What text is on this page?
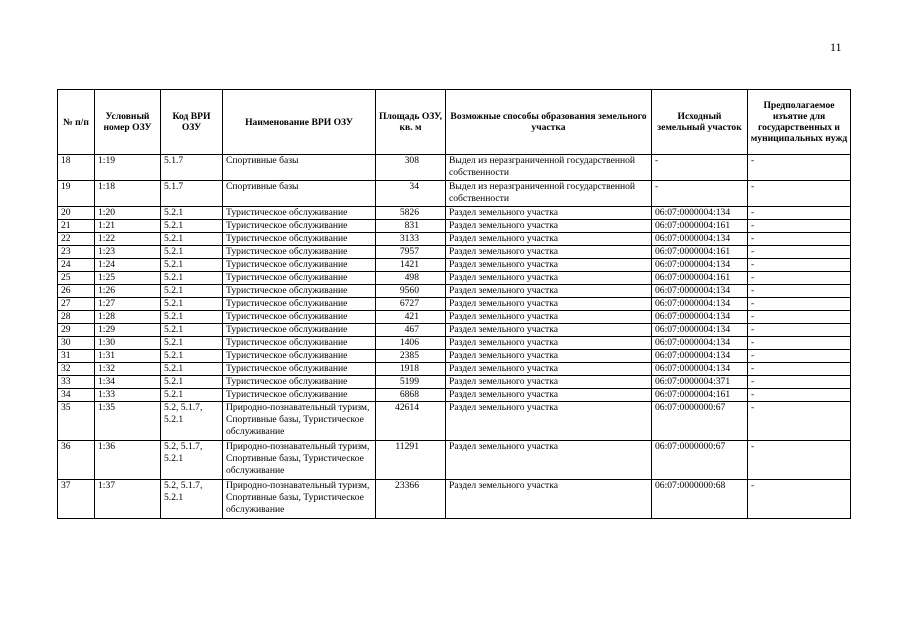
11
№ п/п	Условный номер ОЗУ	Код ВРИ ОЗУ	Наименование ВРИ ОЗУ	Площадь ОЗУ, кв. м	Возможные способы образования земельного участка	Исходный земельный участок	Предполагаемое изъятие для государственных и муниципальных нужд
18	1:19	5.1.7	Спортивные базы	308	Выдел из неразграниченной государственной собственности	-	-
19	1:18	5.1.7	Спортивные базы	34	Выдел из неразграниченной государственной собственности	-	-
20	1:20	5.2.1	Туристическое обслуживание	5826	Раздел земельного участка	06:07:0000004:134	-
21	1:21	5.2.1	Туристическое обслуживание	831	Раздел земельного участка	06:07:0000004:161	-
22	1:22	5.2.1	Туристическое обслуживание	3133	Раздел земельного участка	06:07:0000004:134	-
23	1:23	5.2.1	Туристическое обслуживание	7957	Раздел земельного участка	06:07:0000004:161	-
24	1:24	5.2.1	Туристическое обслуживание	1421	Раздел земельного участка	06:07:0000004:134	-
25	1:25	5.2.1	Туристическое обслуживание	498	Раздел земельного участка	06:07:0000004:161	-
26	1:26	5.2.1	Туристическое обслуживание	9560	Раздел земельного участка	06:07:0000004:134	-
27	1:27	5.2.1	Туристическое обслуживание	6727	Раздел земельного участка	06:07:0000004:134	-
28	1:28	5.2.1	Туристическое обслуживание	421	Раздел земельного участка	06:07:0000004:134	-
29	1:29	5.2.1	Туристическое обслуживание	467	Раздел земельного участка	06:07:0000004:134	-
30	1:30	5.2.1	Туристическое обслуживание	1406	Раздел земельного участка	06:07:0000004:134	-
31	1:31	5.2.1	Туристическое обслуживание	2385	Раздел земельного участка	06:07:0000004:134	-
32	1:32	5.2.1	Туристическое обслуживание	1918	Раздел земельного участка	06:07:0000004:134	-
33	1:34	5.2.1	Туристическое обслуживание	5199	Раздел земельного участка	06:07:0000004:371	-
34	1:33	5.2.1	Туристическое обслуживание	6868	Раздел земельного участка	06:07:0000004:161	-
35	1:35	5.2, 5.1.7, 5.2.1	Природно-познавательный туризм, Спортивные базы, Туристическое обслуживание	42614	Раздел земельного участка	06:07:0000000:67	-
36	1:36	5.2, 5.1.7, 5.2.1	Природно-познавательный туризм, Спортивные базы, Туристическое обслуживание	11291	Раздел земельного участка	06:07:0000000:67	-
37	1:37	5.2, 5.1.7, 5.2.1	Природно-познавательный туризм, Спортивные базы, Туристическое обслуживание	23366	Раздел земельного участка	06:07:0000000:68	-
